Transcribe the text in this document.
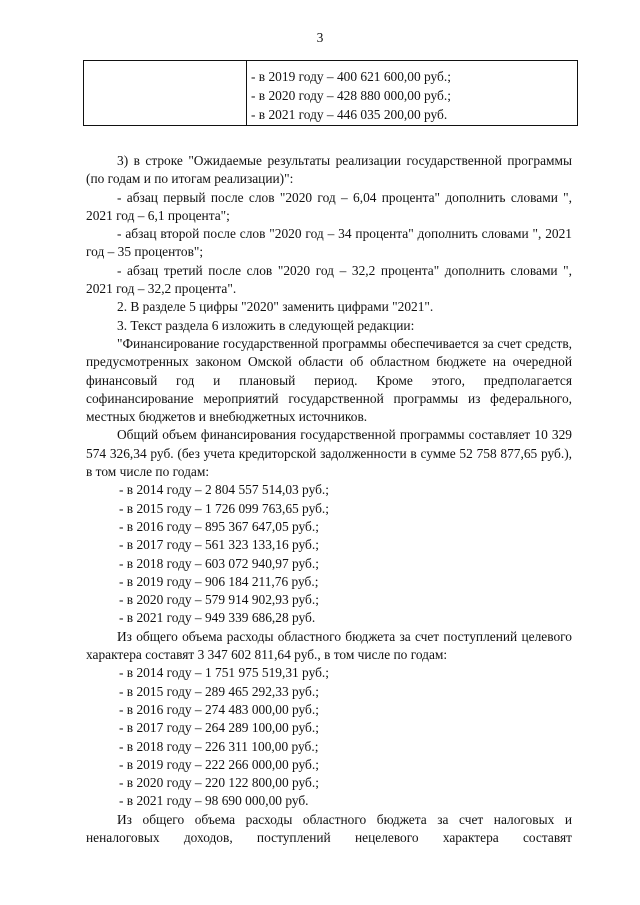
3
- в 2019 году – 400 621 600,00 руб.;
- в 2020 году – 428 880 000,00 руб.;
- в 2021 году – 446 035 200,00 руб.

3) в строке "Ожидаемые результаты реализации государственной программы (по годам и по итогам реализации)":

- абзац первый после слов "2020 год – 6,04 процента" дополнить словами ", 2021 год – 6,1 процента";

- абзац второй после слов "2020 год – 34 процента" дополнить словами ", 2021 год – 35 процентов";

- абзац третий после слов "2020 год – 32,2 процента" дополнить словами ", 2021 год – 32,2 процента".

2. В разделе 5 цифры "2020" заменить цифрами "2021".

3. Текст раздела 6 изложить в следующей редакции:

"Финансирование государственной программы обеспечивается за счет средств, предусмотренных законом Омской области об областном бюджете на очередной финансовый год и плановый период. Кроме этого, предполагается софинансирование мероприятий государственной программы из федерального, местных бюджетов и внебюджетных источников.

Общий объем финансирования государственной программы составляет 10 329 574 326,34 руб. (без учета кредиторской задолженности в сумме 52 758 877,65 руб.), в том числе по годам:

- в 2014 году – 2 804 557 514,03 руб.;

- в 2015 году – 1 726 099 763,65 руб.;

- в 2016 году – 895 367 647,05 руб.;

- в 2017 году – 561 323 133,16 руб.;

- в 2018 году – 603 072 940,97 руб.;

- в 2019 году – 906 184 211,76 руб.;

- в 2020 году – 579 914 902,93 руб.;

- в 2021 году – 949 339 686,28 руб.

Из общего объема расходы областного бюджета за счет поступлений целевого характера составят 3 347 602 811,64 руб., в том числе по годам:

- в 2014 году – 1 751 975 519,31 руб.;

- в 2015 году – 289 465 292,33 руб.;

- в 2016 году – 274 483 000,00 руб.;

- в 2017 году – 264 289 100,00 руб.;

- в 2018 году – 226 311 100,00 руб.;

- в 2019 году – 222 266 000,00 руб.;

- в 2020 году – 220 122 800,00 руб.;

- в 2021 году – 98 690 000,00 руб.

Из общего объема расходы областного бюджета за счет налоговых и неналоговых доходов, поступлений нецелевого характера составят
